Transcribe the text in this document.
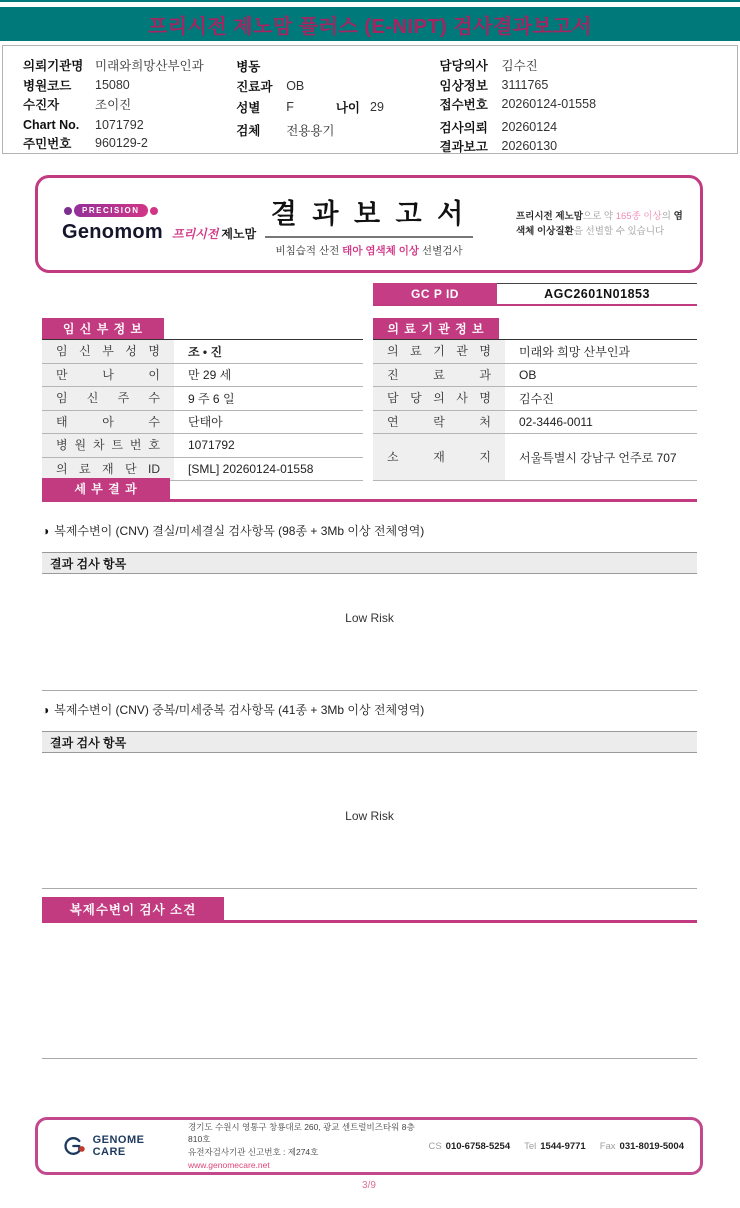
프리시전 제노맘 플러스 (E-NIPT) 검사결과보고서
의뢰기관명 미래와희망산부인과
병원코드	15080
수진자	조이진
Chart No.	1071792
주민번호	960129-2
병동
진료과	OB
성별	F	나이 29
검체	전용용기
담당의사	김수진
임상정보	3111765
접수번호	20260124-01558
검사의뢰	20260124
결과보고	20260130
PRECISION
Genomom 프리시전 제노맘
결 과 보 고 서
비침습적 산전 태아 염색체 이상 선별검사
프리시전 제노맘으로 약 165종 이상의 염색체 이상질환을 선별할 수 있습니다
GC P ID	AGC2601N01853
임 신 부 정 보
임 신 부 성 명	조 • 진
만 나 이	만 29 세
임 신 주 수	9 주 6 일
태 아 수	단태아
병 원 차 트 번 호	1071792
의 료 재 단 ID	[SML] 20260124-01558
의 료 기 관 정 보
의 료 기 관 명	미래와 희망 산부인과
진 료 과	OB
담 당 의 사 명	김수진
연 락 처	02-3446-0011
소 재 지	서울특별시 강남구 언주로 707
세 부 결 과
◑ 복제수변이 (CNV) 결실/미세결실 검사항목 (98종 + 3Mb 이상 전체영역)
결과 검사 항목
Low Risk
◑ 복제수변이 (CNV) 중복/미세중복 검사항목 (41종 + 3Mb 이상 전체영역)
결과 검사 항목
Low Risk
복제수변이 검사 소견
GENOME CARE
경기도 수원시 영통구 창룡대로 260, 광교 센트럴비즈타워 8층 810호
유전자검사기관 신고번호 : 제274호
www.genomecare.net
CS 010-6758-5254 Tel 1544-9771 Fax 031-8019-5004
3/9
